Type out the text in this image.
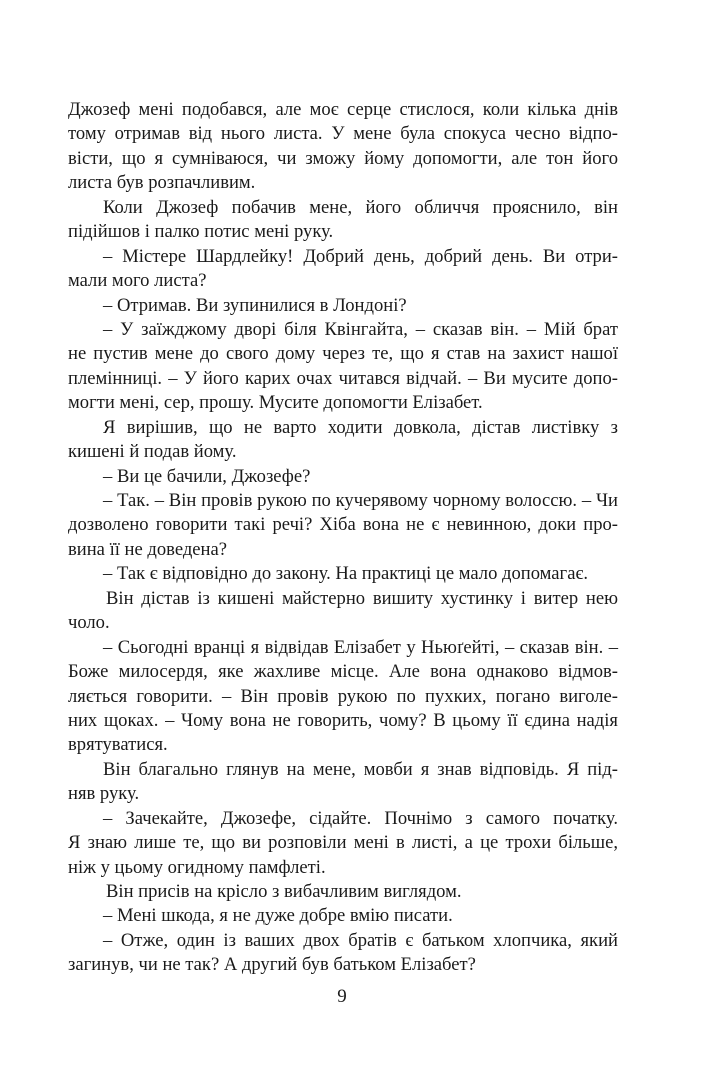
Джозеф мені подобався, але моє серце стислося, коли кілька днів
тому отримав від нього листа. У мене була спокуса чесно відпо-
вісти, що я сумніваюся, чи зможу йому допомогти, але тон його
листа був розпачливим.
Коли Джозеф побачив мене, його обличчя прояснило, він
підійшов і палко потис мені руку.
– Містере Шардлейку! Добрий день, добрий день. Ви отри-
мали мого листа?
– Отримав. Ви зупинилися в Лондоні?
– У заїжджому дворі біля Квінгайта, – сказав він. – Мій брат
не пустив мене до свого дому через те, що я став на захист нашої
племінниці. – У його карих очах читався відчай. – Ви мусите допо-
могти мені, сер, прошу. Мусите допомогти Елізабет.
Я вирішив, що не варто ходити довкола, дістав листівку з
кишені й подав йому.
– Ви це бачили, Джозефе?
– Так. – Він провів рукою по кучерявому чорному волоссю. – Чи
дозволено говорити такі речі? Хіба вона не є невинною, доки про-
вина її не доведена?
– Так є відповідно до закону. На практиці це мало допомагає.
Він дістав із кишені майстерно вишиту хустинку і витер нею
чоло.
– Сьогодні вранці я відвідав Елізабет у Ньюґейті, – сказав він. –
Боже милосердя, яке жахливе місце. Але вона однаково відмов-
ляється говорити. – Він провів рукою по пухких, погано виголе-
них щоках. – Чому вона не говорить, чому? В цьому її єдина надія
врятуватися.
Він благально глянув на мене, мовби я знав відповідь. Я під-
няв руку.
– Зачекайте, Джозефе, сідайте. Почнімо з самого початку.
Я знаю лише те, що ви розповіли мені в листі, а це трохи більше,
ніж у цьому огидному памфлеті.
Він присів на крісло з вибачливим виглядом.
– Мені шкода, я не дуже добре вмію писати.
– Отже, один із ваших двох братів є батьком хлопчика, який
загинув, чи не так? А другий був батьком Елізабет?
9
